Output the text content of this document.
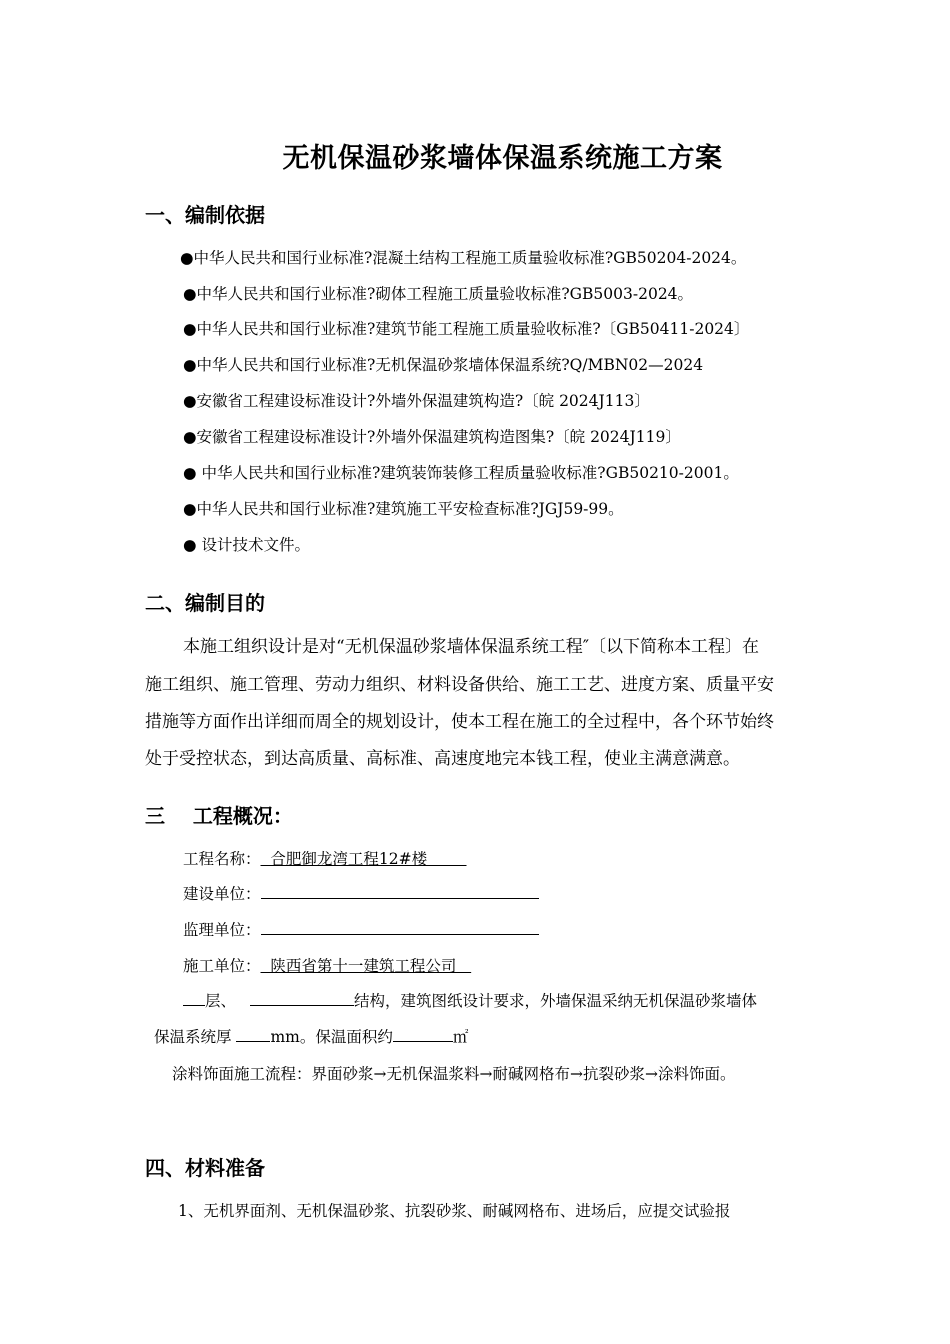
无机保温砂浆墙体保温系统施工方案
一、编制依据
●中华人民共和国行业标准?混凝土结构工程施工质量验收标准?GB50204-2024。
●中华人民共和国行业标准?砌体工程施工质量验收标准?GB5003-2024。
●中华人民共和国行业标准?建筑节能工程施工质量验收标准?〔GB50411-2024〕
●中华人民共和国行业标准?无机保温砂浆墙体保温系统?Q/MBN02—2024
●安徽省工程建设标准设计?外墙外保温建筑构造?〔皖 2024J113〕
●安徽省工程建设标准设计?外墙外保温建筑构造图集?〔皖 2024J119〕
● 中华人民共和国行业标准?建筑装饰装修工程质量验收标准?GB50210-2001。
●中华人民共和国行业标准?建筑施工平安检查标准?JGJ59-99。
● 设计技术文件。
二、编制目的
本施工组织设计是对“无机保温砂浆墙体保温系统工程″〔以下简称本工程〕在
施工组织、施工管理、劳动力组织、材料设备供给、施工工艺、进度方案、质量平安
措施等方面作出详细而周全的规划设计，使本工程在施工的全过程中，各个环节始终
处于受控状态，到达高质量、高标准、高速度地完本钱工程，使业主满意满意。
三    工程概况：
工程名称：  合肥御龙湾工程12#楼
建设单位：
监理单位：
施工单位：  陕西省第十一建筑工程公司
层、	结构，建筑图纸设计要求，外墙保温采纳无机保温砂浆墙体
保温系统厚 mm。保温面积约	㎡
涂料饰面施工流程：界面砂浆→无机保温浆料→耐碱网格布→抗裂砂浆→涂料饰面。
四、材料准备
1、无机界面剂、无机保温砂浆、抗裂砂浆、耐碱网格布、进场后，应提交试验报
